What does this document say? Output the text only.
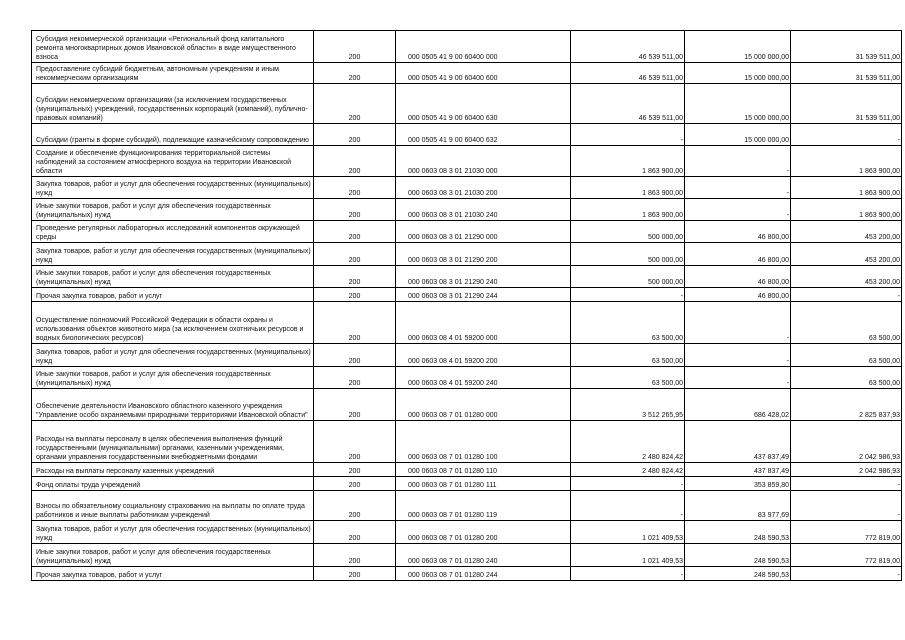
Субсидия некоммерческой организации «Региональный фонд капитального ремонта многоквартирных домов Ивановской области» в виде имущественного взноса	200	000 0505 41 9 00 60400 000	46 539 511,00	15 000 000,00	31 539 511,00
Предоставление субсидий бюджетным, автономным учреждениям и иным некоммерческим организациям	200	000 0505 41 9 00 60400 600	46 539 511,00	15 000 000,00	31 539 511,00
Субсидии некоммерческим организациям (за исключением государственных (муниципальных) учреждений, государственных корпораций (компаний), публично-правовых компаний)	200	000 0505 41 9 00 60400 630	46 539 511,00	15 000 000,00	31 539 511,00
Субсидии (гранты в форме субсидий), подлежащие казначейскому сопровождению	200	000 0505 41 9 00 60400 632	-	15 000 000,00	-
Создание и обеспечение функционирования территориальной системы наблюдений за состоянием атмосферного воздуха на территории Ивановской области	200	000 0603 08 3 01 21030 000	1 863 900,00	-	1 863 900,00
Закупка товаров, работ и услуг для обеспечения государственных (муниципальных) нужд	200	000 0603 08 3 01 21030 200	1 863 900,00	-	1 863 900,00
Иные закупки товаров, работ и услуг для обеспечения государственных (муниципальных) нужд	200	000 0603 08 3 01 21030 240	1 863 900,00	-	1 863 900,00
Проведение регулярных лабораторных исследований компонентов окружающей среды	200	000 0603 08 3 01 21290 000	500 000,00	46 800,00	453 200,00
Закупка товаров, работ и услуг для обеспечения государственных (муниципальных) нужд	200	000 0603 08 3 01 21290 200	500 000,00	46 800,00	453 200,00
Иные закупки товаров, работ и услуг для обеспечения государственных (муниципальных) нужд	200	000 0603 08 3 01 21290 240	500 000,00	46 800,00	453 200,00
Прочая закупка товаров, работ и услуг	200	000 0603 08 3 01 21290 244	-	46 800,00	-
Осуществление полномочий Российской Федерации в области охраны и использования объектов животного мира (за исключением охотничьих ресурсов и водных биологических ресурсов)	200	000 0603 08 4 01 59200 000	63 500,00	-	63 500,00
Закупка товаров, работ и услуг для обеспечения государственных (муниципальных) нужд	200	000 0603 08 4 01 59200 200	63 500,00	-	63 500,00
Иные закупки товаров, работ и услуг для обеспечения государственных (муниципальных) нужд	200	000 0603 08 4 01 59200 240	63 500,00	-	63 500,00
Обеспечение деятельности Ивановского областного казенного учреждения "Управление особо охраняемыми природными территориями Ивановской области"	200	000 0603 08 7 01 01280 000	3 512 265,95	686 428,02	2 825 837,93
Расходы на выплаты персоналу в целях обеспечения выполнения функций государственными (муниципальными) органами, казенными учреждениями, органами управления государственными внебюджетными фондами	200	000 0603 08 7 01 01280 100	2 480 824,42	437 837,49	2 042 986,93
Расходы на выплаты персоналу казенных учреждений	200	000 0603 08 7 01 01280 110	2 480 824,42	437 837,49	2 042 986,93
Фонд оплаты труда учреждений	200	000 0603 08 7 01 01280 111	-	353 859,80	-
Взносы по обязательному социальному страхованию на выплаты по оплате труда работников и иные выплаты работникам учреждений	200	000 0603 08 7 01 01280 119	-	83 977,69	-
Закупка товаров, работ и услуг для обеспечения государственных (муниципальных) нужд	200	000 0603 08 7 01 01280 200	1 021 409,53	248 590,53	772 819,00
Иные закупки товаров, работ и услуг для обеспечения государственных (муниципальных) нужд	200	000 0603 08 7 01 01280 240	1 021 409,53	248 590,53	772 819,00
Прочая закупка товаров, работ и услуг	200	000 0603 08 7 01 01280 244	-	248 590,53	-
